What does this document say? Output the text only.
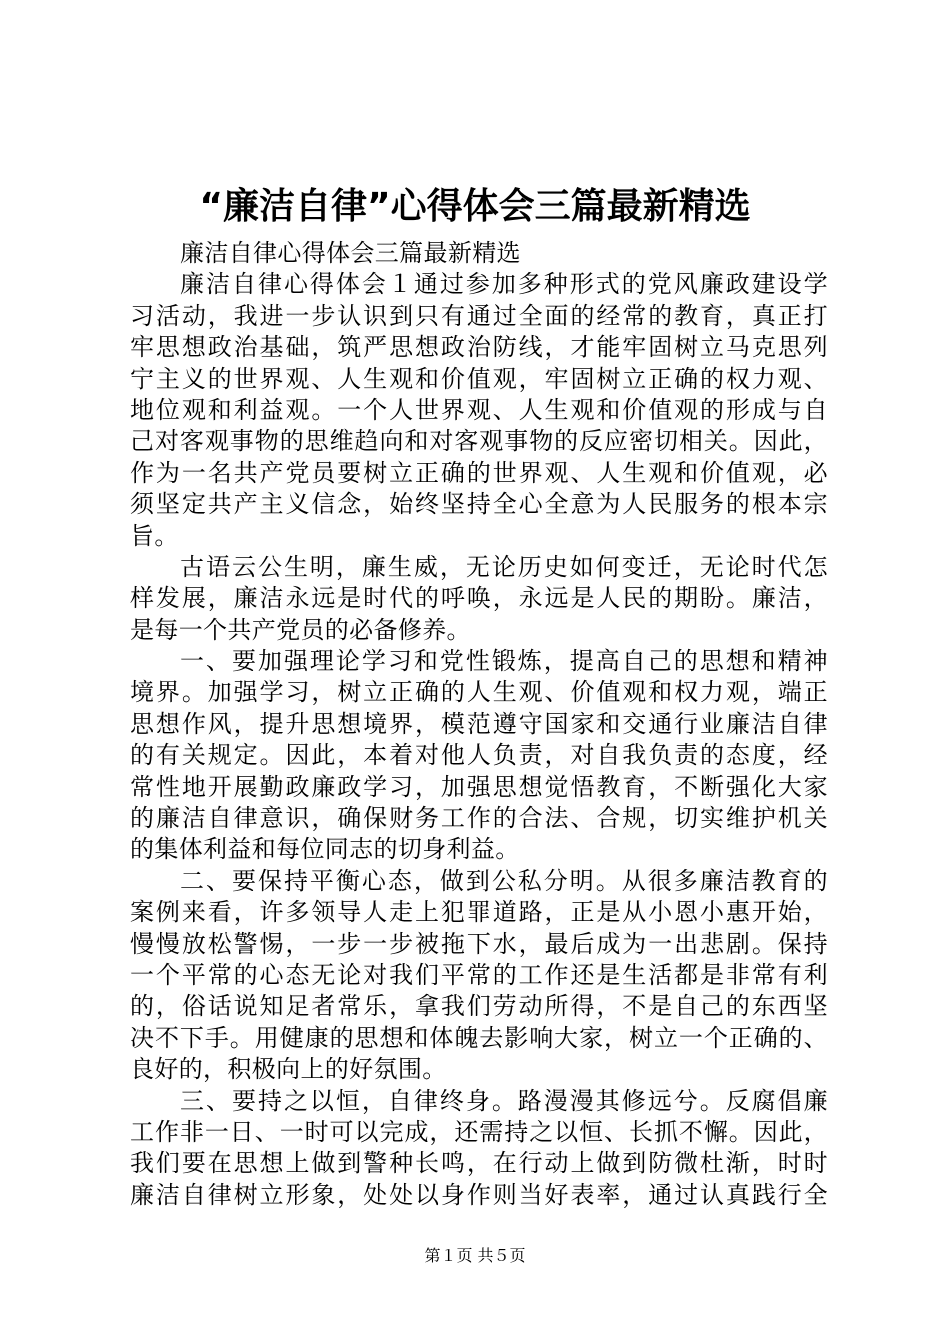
“廉洁自律”心得体会三篇最新精选
廉洁自律心得体会三篇最新精选
廉洁自律心得体会１通过参加多种形式的党风廉政建设学
习活动，我进一步认识到只有通过全面的经常的教育，真正打
牢思想政治基础，筑严思想政治防线，才能牢固树立马克思列
宁主义的世界观、人生观和价值观，牢固树立正确的权力观、
地位观和利益观。一个人世界观、人生观和价值观的形成与自
己对客观事物的思维趋向和对客观事物的反应密切相关。因此，
作为一名共产党员要树立正确的世界观、人生观和价值观，必
须坚定共产主义信念，始终坚持全心全意为人民服务的根本宗
旨。
古语云公生明，廉生威，无论历史如何变迁，无论时代怎
样发展，廉洁永远是时代的呼唤，永远是人民的期盼。廉洁，
是每一个共产党员的必备修养。
一、要加强理论学习和党性锻炼，提高自己的思想和精神
境界。加强学习，树立正确的人生观、价值观和权力观，端正
思想作风，提升思想境界，模范遵守国家和交通行业廉洁自律
的有关规定。因此，本着对他人负责，对自我负责的态度，经
常性地开展勤政廉政学习，加强思想觉悟教育，不断强化大家
的廉洁自律意识，确保财务工作的合法、合规，切实维护机关
的集体利益和每位同志的切身利益。
二、要保持平衡心态，做到公私分明。从很多廉洁教育的
案例来看，许多领导人走上犯罪道路，正是从小恩小惠开始，
慢慢放松警惕，一步一步被拖下水，最后成为一出悲剧。保持
一个平常的心态无论对我们平常的工作还是生活都是非常有利
的，俗话说知足者常乐，拿我们劳动所得，不是自己的东西坚
决不下手。用健康的思想和体魄去影响大家，树立一个正确的、
良好的，积极向上的好氛围。
三、要持之以恒，自律终身。路漫漫其修远兮。反腐倡廉
工作非一日、一时可以完成，还需持之以恒、长抓不懈。因此，
我们要在思想上做到警种长鸣，在行动上做到防微杜渐，时时
廉洁自律树立形象，处处以身作则当好表率，通过认真践行全
第１页 共５页
